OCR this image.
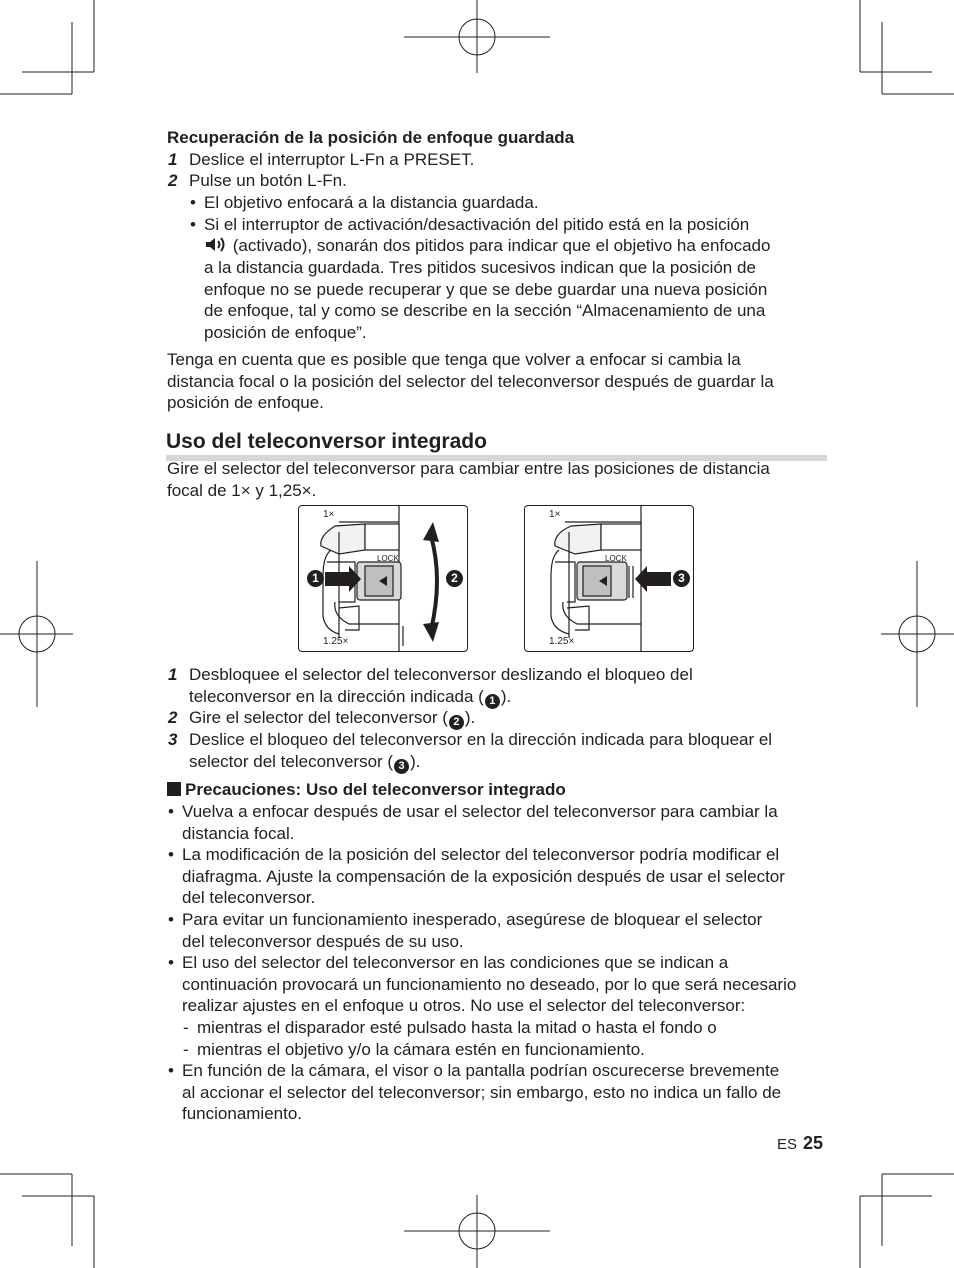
Recuperación de la posición de enfoque guardada
1 Deslice el interruptor L-Fn a PRESET.
2 Pulse un botón L-Fn.
• El objetivo enfocará a la distancia guardada.
• Si el interruptor de activación/desactivación del pitido está en la posición
(activado), sonarán dos pitidos para indicar que el objetivo ha enfocado
a la distancia guardada. Tres pitidos sucesivos indican que la posición de
enfoque no se puede recuperar y que se debe guardar una nueva posición
de enfoque, tal y como se describe en la sección “Almacenamiento de una
posición de enfoque”.
Tenga en cuenta que es posible que tenga que volver a enfocar si cambia la
distancia focal o la posición del selector del teleconversor después de guardar la
posición de enfoque.
Uso del teleconversor integrado
Gire el selector del teleconversor para cambiar entre las posiciones de distancia
focal de 1× y 1,25×.
1×
1.25×
LOCK
1	2
1×
1.25×
LOCK
3
1 Desbloquee el selector del teleconversor deslizando el bloqueo del
teleconversor en la dirección indicada ( 1 ).
2 Gire el selector del teleconversor ( 2 ).
3 Deslice el bloqueo del teleconversor en la dirección indicada para bloquear el
selector del teleconversor ( 3 ).
Precauciones: Uso del teleconversor integrado
• Vuelva a enfocar después de usar el selector del teleconversor para cambiar la
distancia focal.
• La modificación de la posición del selector del teleconversor podría modificar el
diafragma. Ajuste la compensación de la exposición después de usar el selector
del teleconversor.
• Para evitar un funcionamiento inesperado, asegúrese de bloquear el selector
del teleconversor después de su uso.
• El uso del selector del teleconversor en las condiciones que se indican a
continuación provocará un funcionamiento no deseado, por lo que será necesario
realizar ajustes en el enfoque u otros. No use el selector del teleconversor:
- mientras el disparador esté pulsado hasta la mitad o hasta el fondo o
- mientras el objetivo y/o la cámara estén en funcionamiento.
• En función de la cámara, el visor o la pantalla podrían oscurecerse brevemente
al accionar el selector del teleconversor; sin embargo, esto no indica un fallo de
funcionamiento.
ES 25
